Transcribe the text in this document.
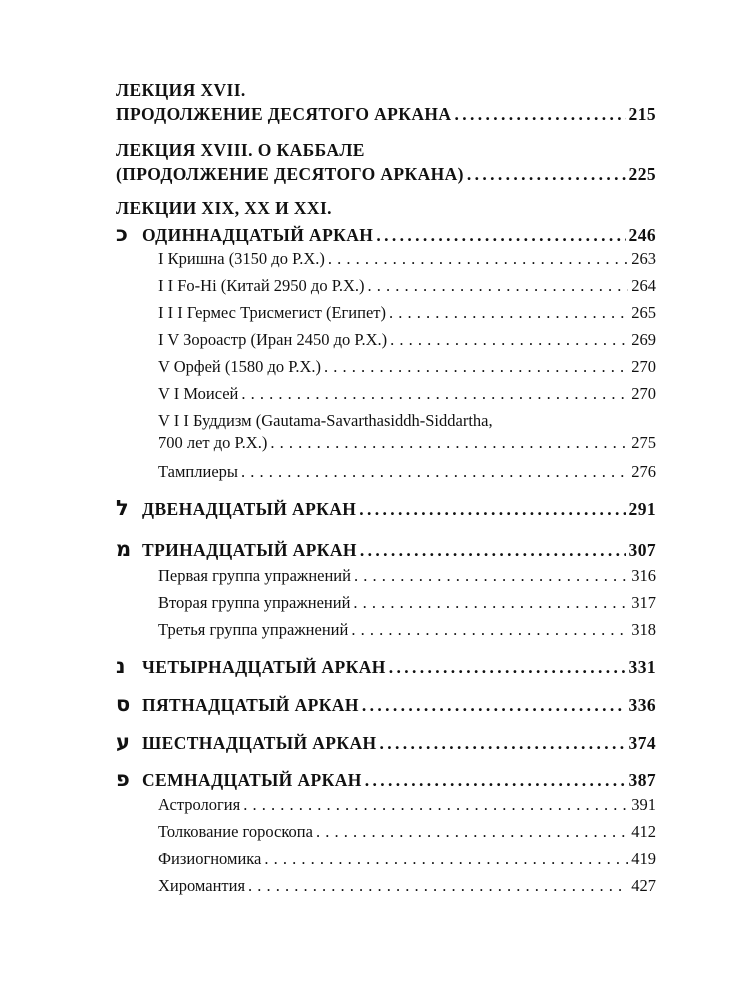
ЛЕКЦИЯ XVII.
ПРОДОЛЖЕНИЕ ДЕСЯТОГО АРКАНА . . .	215
ЛЕКЦИЯ XVIII. О КАББАЛЕ
(ПРОДОЛЖЕНИЕ ДЕСЯТОГО АРКАНА) . . .	225
ЛЕКЦИИ XIX, XX И XXI.
כ ОДИННАДЦАТЫЙ АРКАН . . .	246
I Кришна (3150 до Р.Х.) . . .	263
I I Fo-Hi (Китай 2950 до Р.Х.) . . .	264
I I I Гермес Трисмегист (Египет) . . .	265
I V Зороастр (Иран 2450 до Р.Х.) . . .	269
V Орфей (1580 до Р.Х.) . . .	270
V I Моисей . . .	270
V I I Буддизм (Gautama-Savarthasiddh-Siddartha,
700 лет до Р.Х.) . . .	275
Тамплиеры . . .	276
ל ДВЕНАДЦАТЫЙ АРКАН . . .	291
מ ТРИНАДЦАТЫЙ АРКАН . . .	307
Первая группа упражнений . . .	316
Вторая группа упражнений . . .	317
Третья группа упражнений . . .	318
נ ЧЕТЫРНАДЦАТЫЙ АРКАН . . .	331
ס ПЯТНАДЦАТЫЙ АРКАН . . .	336
ע ШЕСТНАДЦАТЫЙ АРКАН . . .	374
פ СЕМНАДЦАТЫЙ АРКАН . . .	387
Астрология . . .	391
Толкование гороскопа . . .	412
Физиогномика . . .	419
Хиромантия . . .	427
